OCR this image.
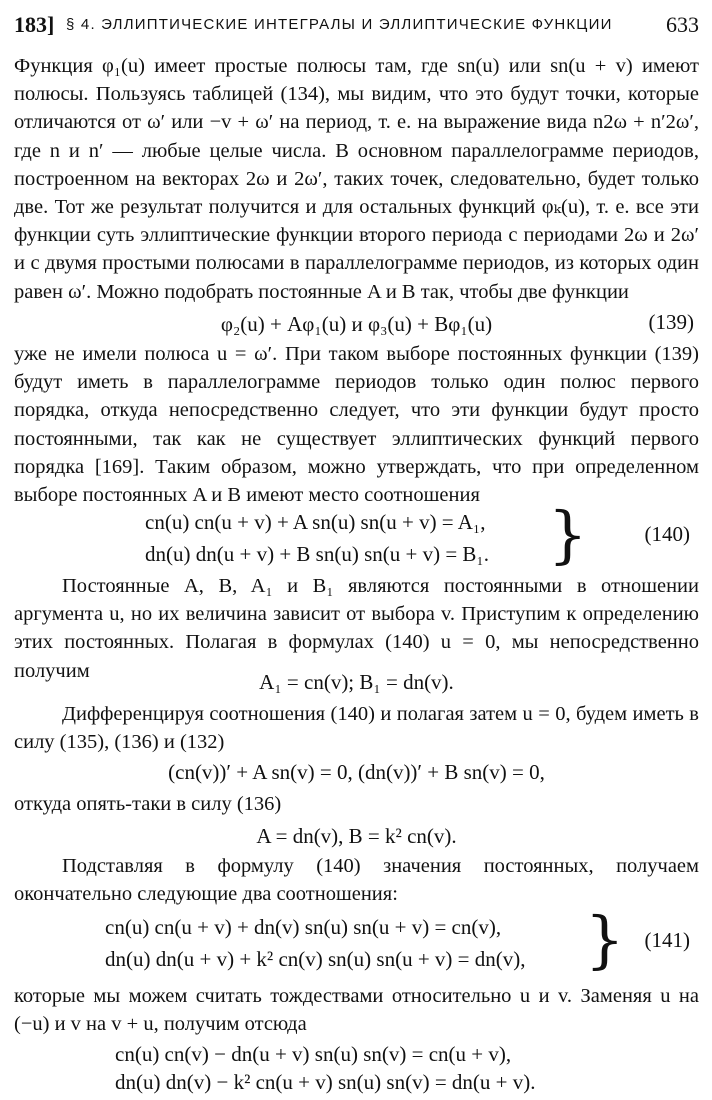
183] § 4. ЭЛЛИПТИЧЕСКИЕ ИНТЕГРАЛЫ И ЭЛЛИПТИЧЕСКИЕ ФУНКЦИИ 633

Функция φ₁(u) имеет простые полюсы там, где sn(u) или sn(u + v) имеют полюсы. Пользуясь таблицей (134), мы видим, что это будут точки, которые отличаются от ω′ или −v + ω′ на период, т. е. на выражение вида n2ω + n′2ω′, где n и n′ — любые целые числа. В основном параллелограмме периодов, построенном на векторах 2ω и 2ω′, таких точек, следовательно, будет только две. Тот же результат получится и для остальных функций φₖ(u), т. е. все эти функции суть эллиптические функции второго периода с периодами 2ω и 2ω′ и с двумя простыми полюсами в параллелограмме периодов, из которых один равен ω′. Можно подобрать постоянные A и B так, чтобы две функции

φ₂(u) + Aφ₁(u) и φ₃(u) + Bφ₁(u)	(139)

уже не имели полюса u = ω′. При таком выборе постоянных функции (139) будут иметь в параллелограмме периодов только один полюс первого порядка, откуда непосредственно следует, что эти функции будут просто постоянными, так как не существует эллиптических функций первого порядка [169]. Таким образом, можно утверждать, что при определенном выборе постоянных A и B имеют место соотношения

cn(u) cn(u + v) + A sn(u) sn(u + v) = A₁,
dn(u) dn(u + v) + B sn(u) sn(u + v) = B₁. }	(140)

Постоянные A, B, A₁ и B₁ являются постоянными в отношении аргумента u, но их величина зависит от выбора v. Приступим к определению этих постоянных. Полагая в формулах (140) u = 0, мы непосредственно получим	A₁ = cn(v); B₁ = dn(v).

Дифференцируя соотношения (140) и полагая затем u = 0, будем иметь в силу (135), (136) и (132)

(cn(v))′ + A sn(v) = 0, (dn(v))′ + B sn(v) = 0,

откуда опять-таки в силу (136)

A = dn(v), B = k² cn(v).

Подставляя в формулу (140) значения постоянных, получаем окончательно следующие два соотношения:

cn(u) cn(u + v) + dn(v) sn(u) sn(u + v) = cn(v),
dn(u) dn(u + v) + k² cn(v) sn(u) sn(u + v) = dn(v), } (141)

которые мы можем считать тождествами относительно u и v. Заменяя u на (−u) и v на v + u, получим отсюда

cn(u) cn(v) − dn(u + v) sn(u) sn(v) = cn(u + v),
dn(u) dn(v) − k² cn(u + v) sn(u) sn(v) = dn(u + v).
